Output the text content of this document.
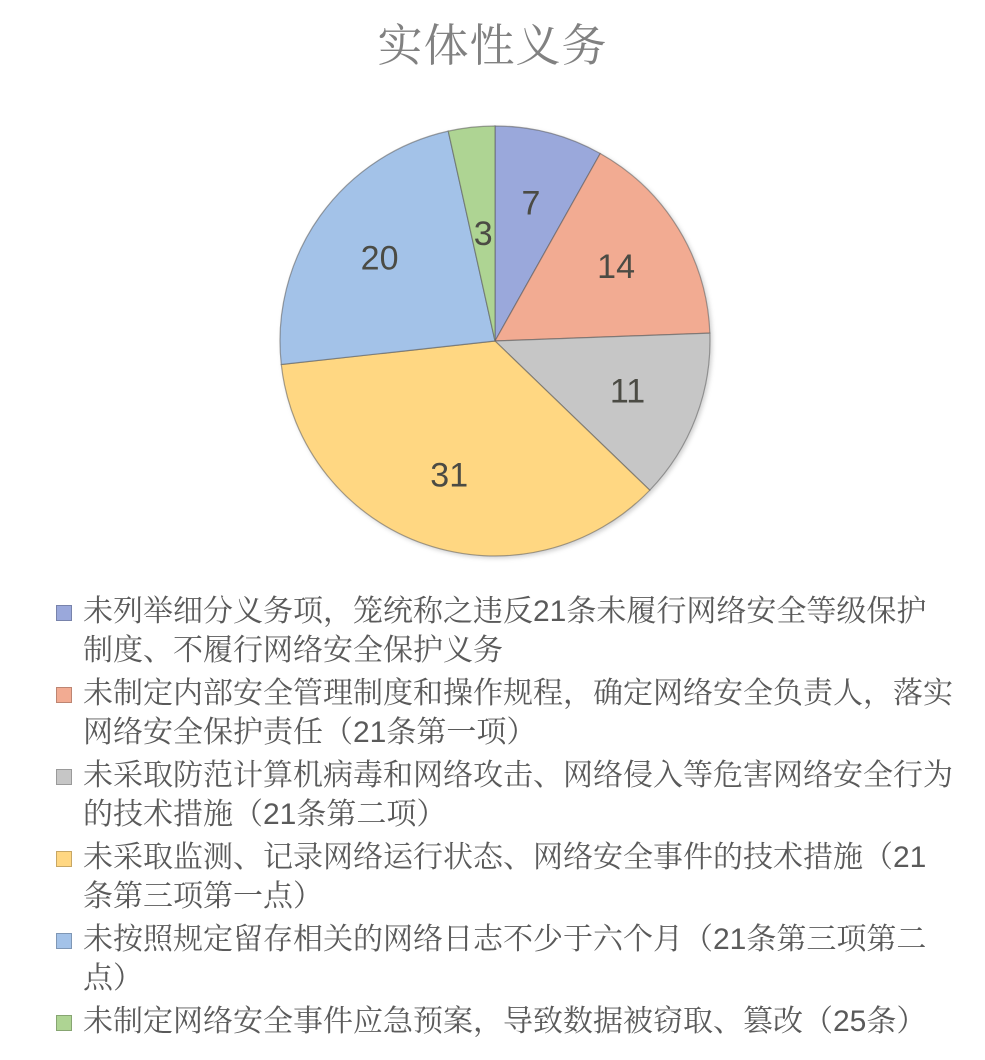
实体性义务
7
14
11
31
20
3
未列举细分义务项，笼统称之违反21条未履行网络安全等级保护制度、不履行网络安全保护义务
未制定内部安全管理制度和操作规程，确定网络安全负责人，落实网络安全保护责任（21条第一项）
未采取防范计算机病毒和网络攻击、网络侵入等危害网络安全行为的技术措施（21条第二项）
未采取监测、记录网络运行状态、网络安全事件的技术措施（21条第三项第一点）
未按照规定留存相关的网络日志不少于六个月（21条第三项第二点）
未制定网络安全事件应急预案，导致数据被窃取、篡改（25条）
